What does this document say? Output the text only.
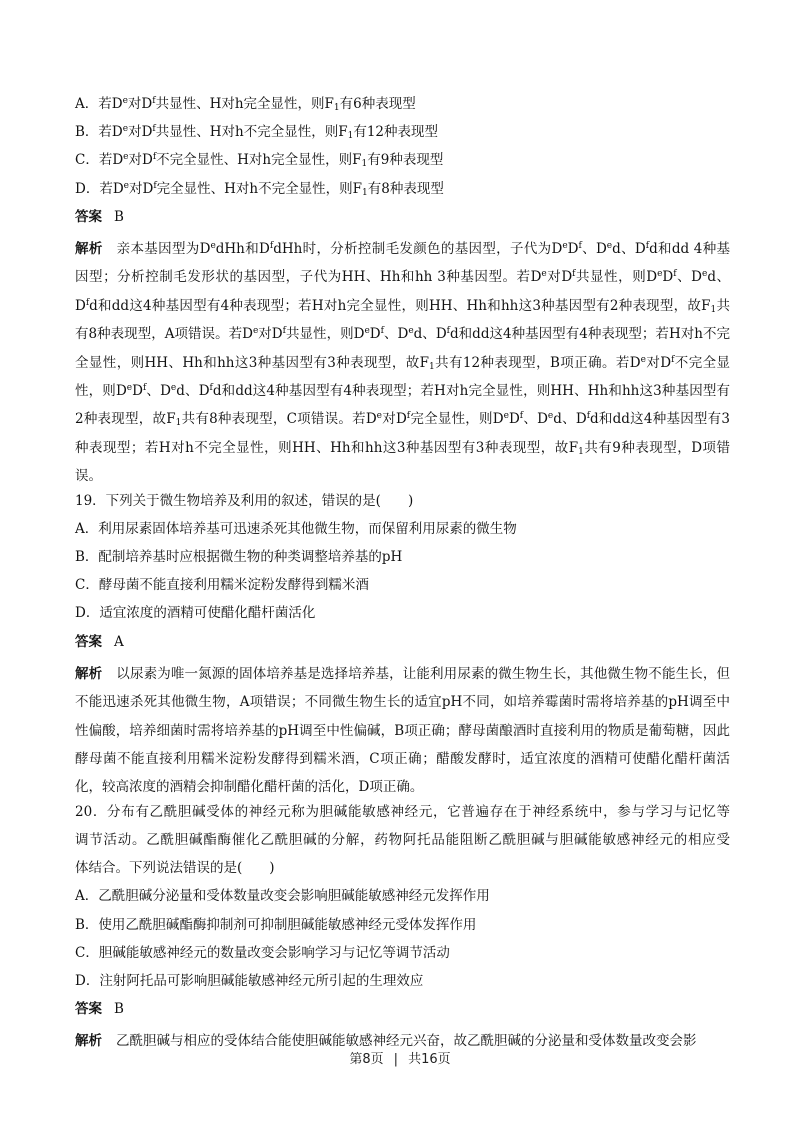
A．若De对$D^f$共显性、H对h完全显性，则$F_1$有6种表现型
B．若De对$D^f$共显性、H对h不完全显性，则$F_1$有12种表现型
C．若De对$D^f$不完全显性、H对h完全显性，则$F_1$有9种表现型
D．若De对$D^f$完全显性、H对h不完全显性，则$F_1$有8种表现型
答案 B

解析 亲本基因型为DedHh和$D^fdHh$时，分析控制毛发颜色的基因型，子代为$DeD^f$、Ded、$D^fd$和dd 4种基因型；分析控制毛发形状的基因型，子代为HH、Hh和hh 3种基因型。若De对$D^f$共显性，则$DeD^f$、Ded、$D^fd$和dd这4种基因型有4种表现型；若H对h完全显性，则HH、Hh和hh这3种基因型有2种表现型，故$F_1$共有8种表现型，A项错误。若De对$D^f$共显性，则$DeD^f$、Ded、$D^fd$和dd这4种基因型有4种表现型；若H对h不完全显性，则HH、Hh和hh这3种基因型有3种表现型，故$F_1$共有12种表现型，B项正确。若De对$D^f$不完全显性，则$DeD^f$、Ded、$D^fd$和dd这4种基因型有4种表现型；若H对h完全显性，则HH、Hh和hh这3种基因型有2种表现型，故$F_1$共有8种表现型，C项错误。若De对$D^f$完全显性，则$DeD^f$、Ded、$D^fd$和dd这4种基因型有3种表现型；若H对h不完全显性，则HH、Hh和hh这3种基因型有3种表现型，故$F_1$共有9种表现型，D项错误。

19．下列关于微生物培养及利用的叙述，错误的是(　　)
A．利用尿素固体培养基可迅速杀死其他微生物，而保留利用尿素的微生物
B．配制培养基时应根据微生物的种类调整培养基的pH
C．酵母菌不能直接利用糯米淀粉发酵得到糯米酒
D．适宜浓度的酒精可使醋化醋杆菌活化
答案 A

解析 以尿素为唯一氮源的固体培养基是选择培养基，让能利用尿素的微生物生长，其他微生物不能生长，但不能迅速杀死其他微生物，A项错误；不同微生物生长的适宜pH不同，如培养霉菌时需将培养基的pH调至中性偏酸，培养细菌时需将培养基的pH调至中性偏碱，B项正确；酵母菌酿酒时直接利用的物质是葡萄糖，因此酵母菌不能直接利用糯米淀粉发酵得到糯米酒，C项正确；醋酸发酵时，适宜浓度的酒精可使醋化醋杆菌活化，较高浓度的酒精会抑制醋化醋杆菌的活化，D项正确。

20．分布有乙酰胆碱受体的神经元称为胆碱能敏感神经元，它普遍存在于神经系统中，参与学习与记忆等
调节活动。乙酰胆碱酯酶催化乙酰胆碱的分解，药物阿托品能阻断乙酰胆碱与胆碱能敏感神经元的相应受
体结合。下列说法错误的是(　　)
A．乙酰胆碱分泌量和受体数量改变会影响胆碱能敏感神经元发挥作用
B．使用乙酰胆碱酯酶抑制剂可抑制胆碱能敏感神经元受体发挥作用
C．胆碱能敏感神经元的数量改变会影响学习与记忆等调节活动
D．注射阿托品可影响胆碱能敏感神经元所引起的生理效应
答案 B

解析 乙酰胆碱与相应的受体结合能使胆碱能敏感神经元兴奋，故乙酰胆碱的分泌量和受体数量改变会影

第8页 | 共16页
